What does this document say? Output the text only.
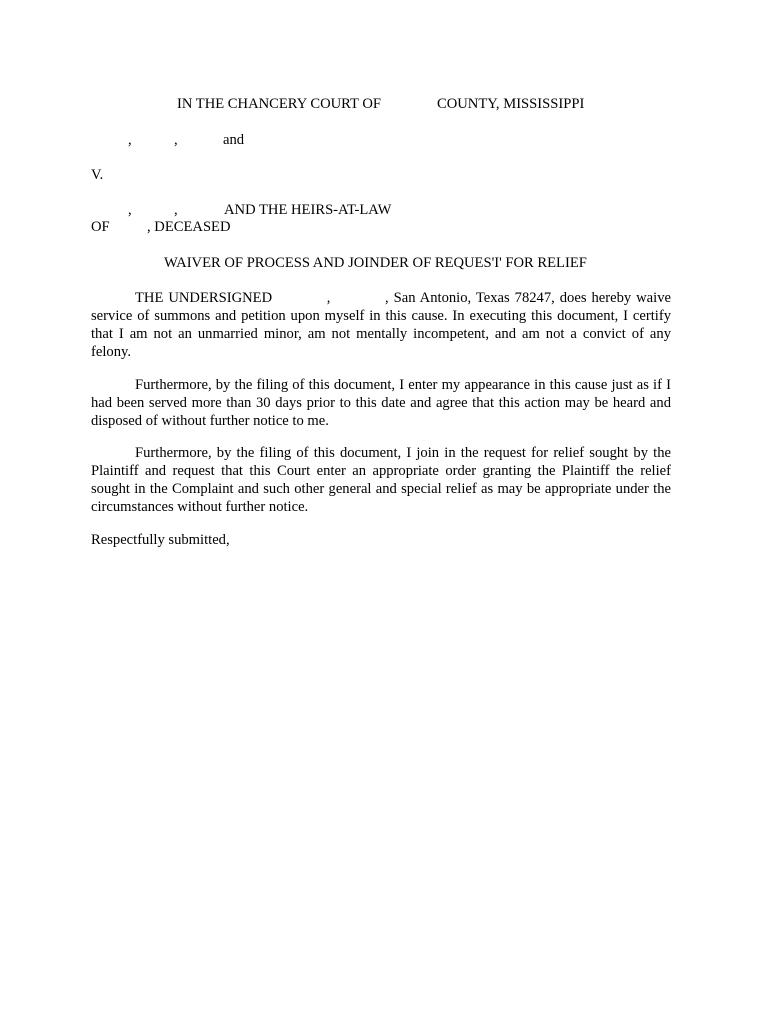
IN THE CHANCERY COURT OF	COUNTY, MISSISSIPPI
,	,	and
V.
,	,	AND THE HEIRS-AT-LAW
OF	, DECEASED
WAIVER OF PROCESS AND JOINDER OF REQUES'I' FOR RELIEF

THE UNDERSIGNED           ,           , San Antonio, Texas 78247, does hereby waive service of summons and petition upon myself in this cause. In executing this document, I certify that I am not an unmarried minor, am not mentally incompetent, and am not a convict of any felony.

Furthermore, by the filing of this document, I enter my appearance in this cause just as if I had been served more than 30 days prior to this date and agree that this action may be heard and disposed of without further notice to me.

Furthermore, by the filing of this document, I join in the request for relief sought by the Plaintiff and request that this Court enter an appropriate order granting the Plaintiff the relief sought in the Complaint and such other general and special relief as may be appropriate under the circumstances without further notice.

Respectfully submitted,
